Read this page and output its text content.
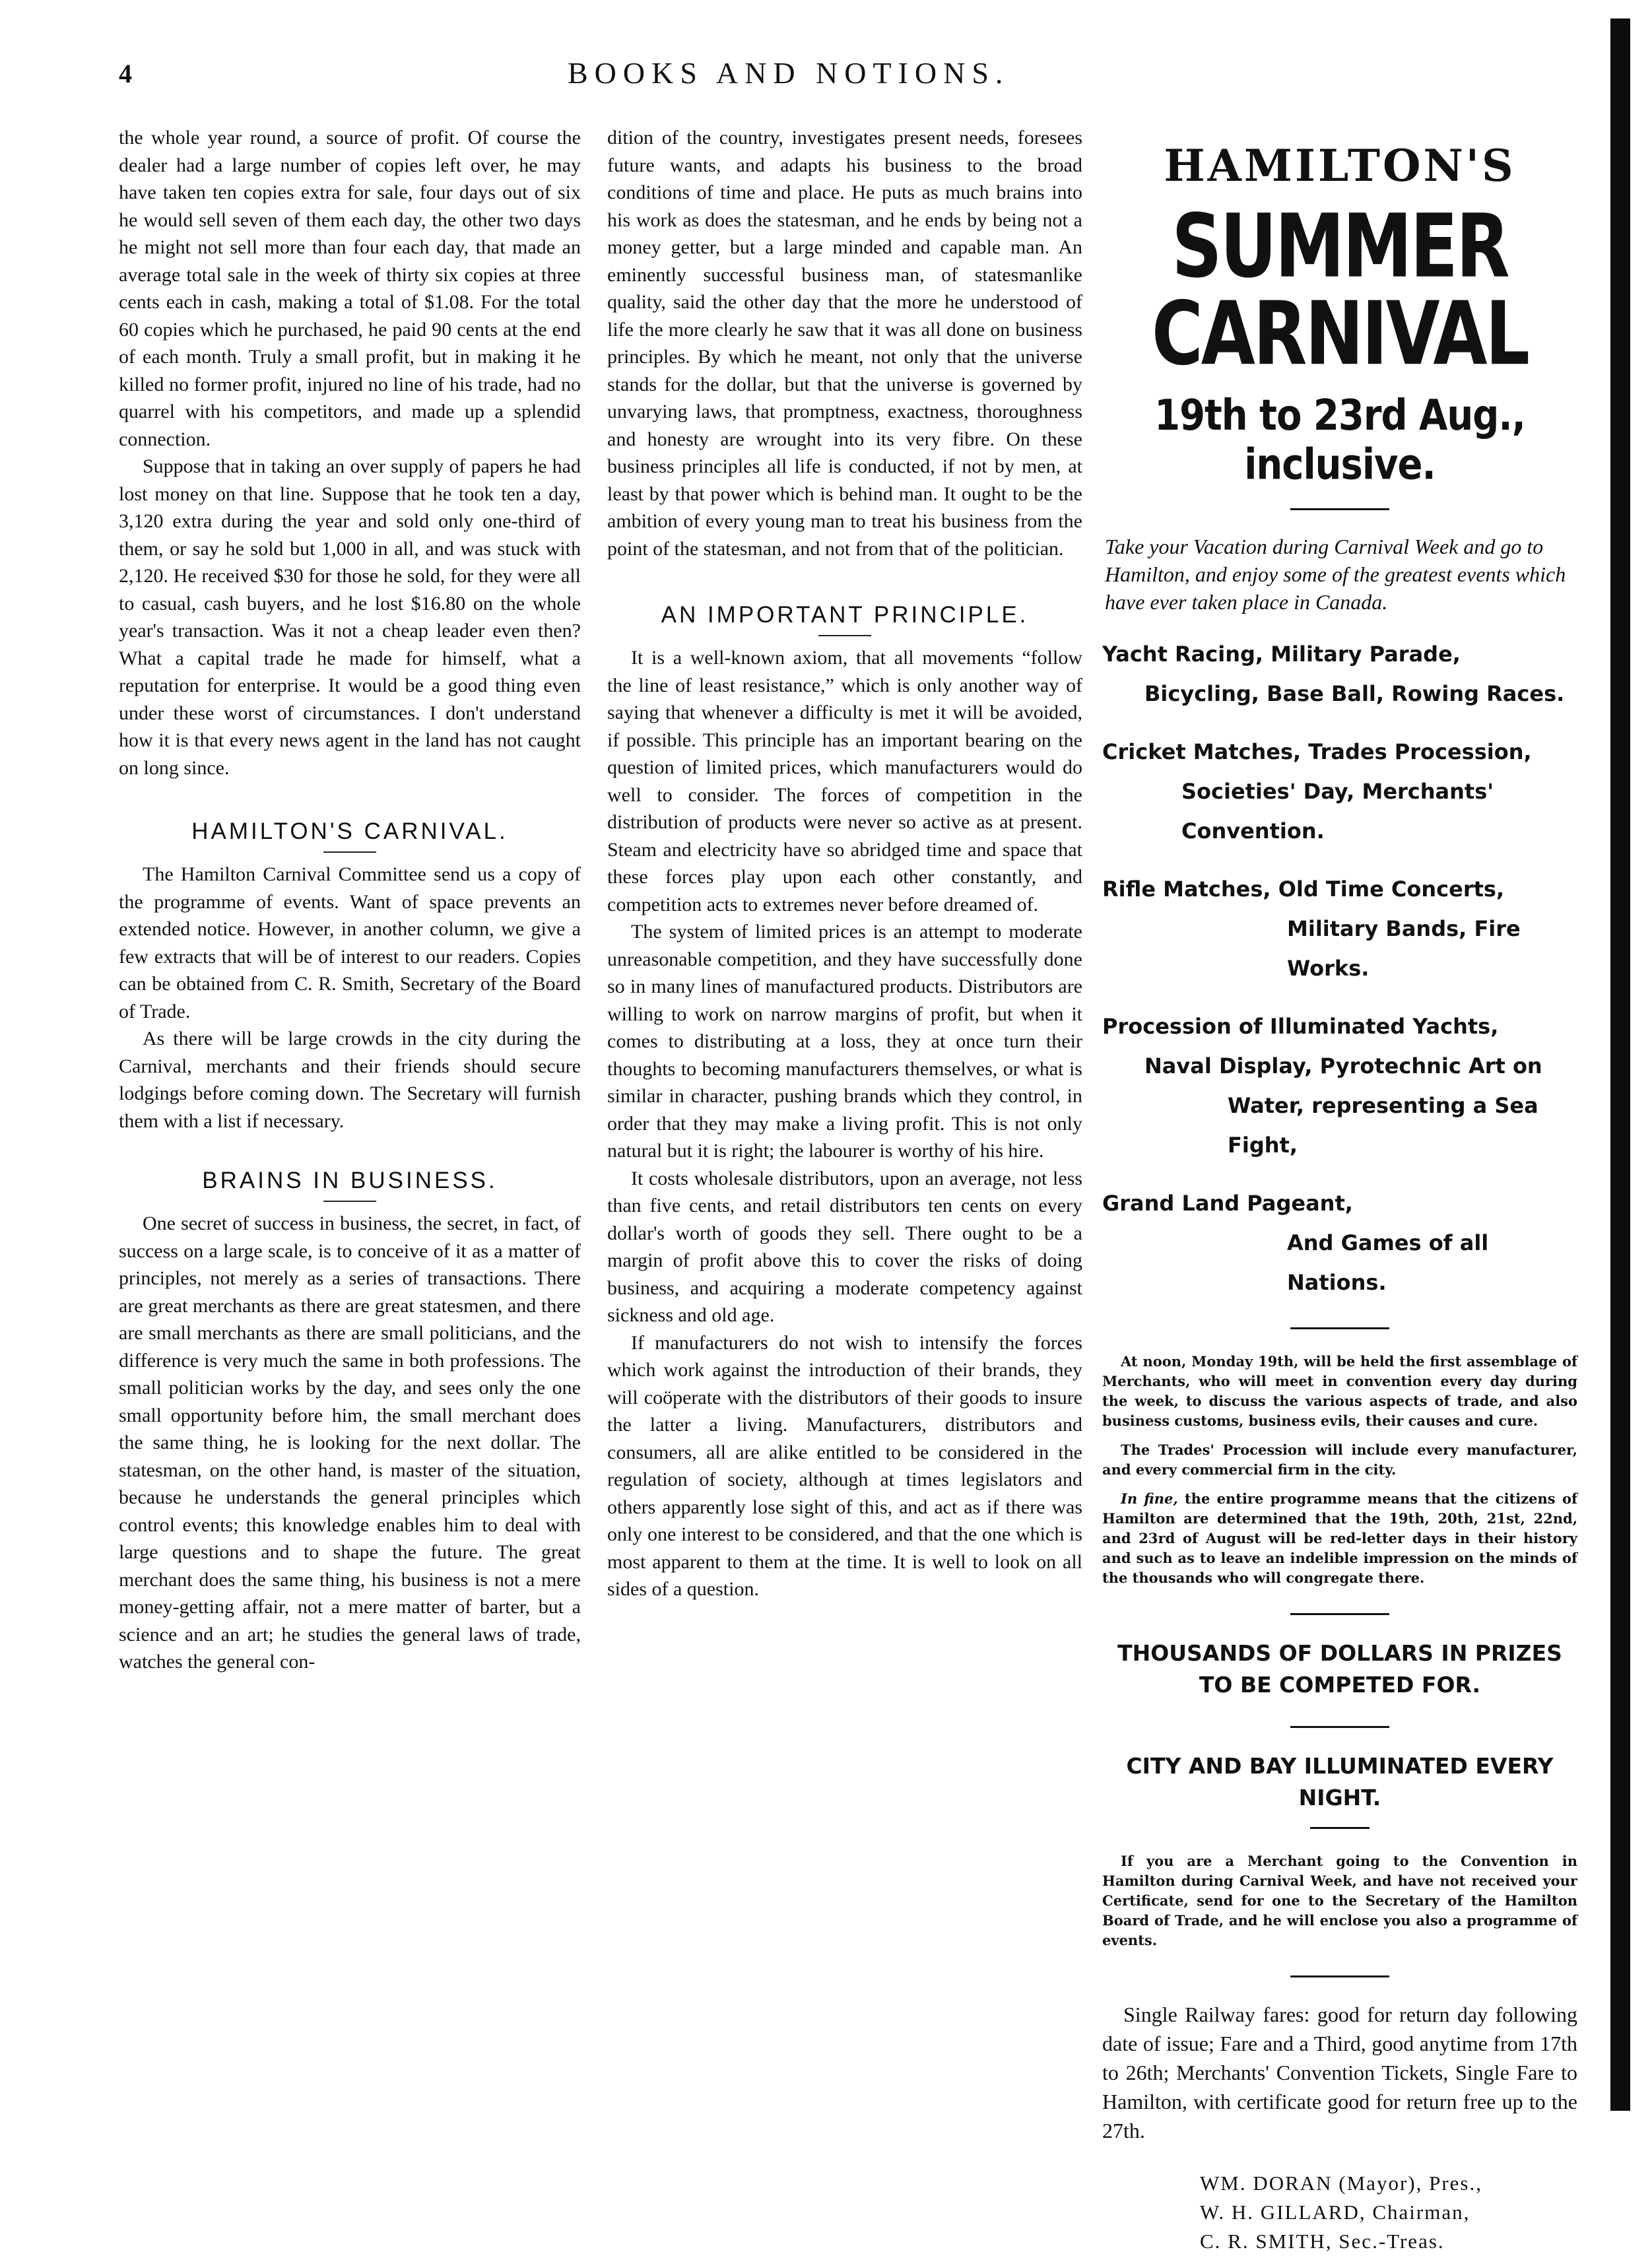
4	BOOKS AND NOTIONS.

the whole year round, a source of profit. Of course the dealer had a large number of copies left over, he may have taken ten copies extra for sale, four days out of six he would sell seven of them each day, the other two days he might not sell more than four each day, that made an average total sale in the week of thirty six copies at three cents each in cash, making a total of $1.08. For the total 60 copies which he purchased, he paid 90 cents at the end of each month. Truly a small profit, but in making it he killed no former profit, injured no line of his trade, had no quarrel with his competitors, and made up a splendid connection.

Suppose that in taking an over supply of papers he had lost money on that line. Suppose that he took ten a day, 3,120 extra during the year and sold only one-third of them, or say he sold but 1,000 in all, and was stuck with 2,120. He received $30 for those he sold, for they were all to casual, cash buyers, and he lost $16.80 on the whole year's transaction. Was it not a cheap leader even then? What a capital trade he made for himself, what a reputation for enterprise. It would be a good thing even under these worst of circumstances. I don't understand how it is that every news agent in the land has not caught on long since.

HAMILTON'S CARNIVAL.

The Hamilton Carnival Committee send us a copy of the programme of events. Want of space prevents an extended notice. However, in another column, we give a few extracts that will be of interest to our readers. Copies can be obtained from C. R. Smith, Secretary of the Board of Trade.

As there will be large crowds in the city during the Carnival, merchants and their friends should secure lodgings before coming down. The Secretary will furnish them with a list if necessary.

BRAINS IN BUSINESS.

One secret of success in business, the secret, in fact, of success on a large scale, is to conceive of it as a matter of principles, not merely as a series of transactions. There are great merchants as there are great statesmen, and there are small merchants as there are small politicians, and the difference is very much the same in both professions. The small politician works by the day, and sees only the one small opportunity before him, the small merchant does the same thing, he is looking for the next dollar. The statesman, on the other hand, is master of the situation, because he understands the general principles which control events; this knowledge enables him to deal with large questions and to shape the future. The great merchant does the same thing, his business is not a mere money-getting affair, not a mere matter of barter, but a science and an art; he studies the general laws of trade, watches the general con-

dition of the country, investigates present needs, foresees future wants, and adapts his business to the broad conditions of time and place. He puts as much brains into his work as does the statesman, and he ends by being not a money getter, but a large minded and capable man. An eminently successful business man, of statesmanlike quality, said the other day that the more he understood of life the more clearly he saw that it was all done on business principles. By which he meant, not only that the universe stands for the dollar, but that the universe is governed by unvarying laws, that promptness, exactness, thoroughness and honesty are wrought into its very fibre. On these business principles all life is conducted, if not by men, at least by that power which is behind man. It ought to be the ambition of every young man to treat his business from the point of the statesman, and not from that of the politician.

AN IMPORTANT PRINCIPLE.

It is a well-known axiom, that all movements “follow the line of least resistance,” which is only another way of saying that whenever a difficulty is met it will be avoided, if possible. This principle has an important bearing on the question of limited prices, which manufacturers would do well to consider. The forces of competition in the distribution of products were never so active as at present. Steam and electricity have so abridged time and space that these forces play upon each other constantly, and competition acts to extremes never before dreamed of.

The system of limited prices is an attempt to moderate unreasonable competition, and they have successfully done so in many lines of manufactured products. Distributors are willing to work on narrow margins of profit, but when it comes to distributing at a loss, they at once turn their thoughts to becoming manufacturers themselves, or what is similar in character, pushing brands which they control, in order that they may make a living profit. This is not only natural but it is right; the labourer is worthy of his hire.

It costs wholesale distributors, upon an average, not less than five cents, and retail distributors ten cents on every dollar's worth of goods they sell. There ought to be a margin of profit above this to cover the risks of doing business, and acquiring a moderate competency against sickness and old age.

If manufacturers do not wish to intensify the forces which work against the introduction of their brands, they will coöperate with the distributors of their goods to insure the latter a living. Manufacturers, distributors and consumers, all are alike entitled to be considered in the regulation of society, although at times legislators and others apparently lose sight of this, and act as if there was only one interest to be considered, and that the one which is most apparent to them at the time. It is well to look on all sides of a question.

HAMILTON'S
SUMMER CARNIVAL
19th to 23rd Aug., inclusive.
Take your Vacation during Carnival Week and go to Hamilton, and enjoy some of the greatest events which have ever taken place in Canada.
Yacht Racing, Military Parade,
Bicycling, Base Ball, Rowing Races.
Cricket Matches, Trades Procession,
Societies' Day, Merchants' Convention.
Rifle Matches, Old Time Concerts,
Military Bands, Fire Works.
Procession of Illuminated Yachts,
Naval Display, Pyrotechnic Art on
Water, representing a Sea Fight,
Grand Land Pageant,
And Games of all Nations.
At noon, Monday 19th, will be held the first assemblage of Merchants, who will meet in convention every day during the week, to discuss the various aspects of trade, and also business customs, business evils, their causes and cure.
The Trades' Procession will include every manufacturer, and every commercial firm in the city.
In fine, the entire programme means that the citizens of Hamilton are determined that the 19th, 20th, 21st, 22nd, and 23rd of August will be red-letter days in their history and such as to leave an indelible impression on the minds of the thousands who will congregate there.
THOUSANDS OF DOLLARS IN PRIZES TO BE COMPETED FOR.
CITY AND BAY ILLUMINATED EVERY NIGHT.
If you are a Merchant going to the Convention in Hamilton during Carnival Week, and have not received your Certificate, send for one to the Secretary of the Hamilton Board of Trade, and he will enclose you also a programme of events.
Single Railway fares: good for return day following date of issue; Fare and a Third, good anytime from 17th to 26th; Merchants' Convention Tickets, Single Fare to Hamilton, with certificate good for return free up to the 27th.
WM. DORAN (Mayor), Pres.,
W. H. GILLARD, Chairman,
C. R. SMITH, Sec.-Treas.
